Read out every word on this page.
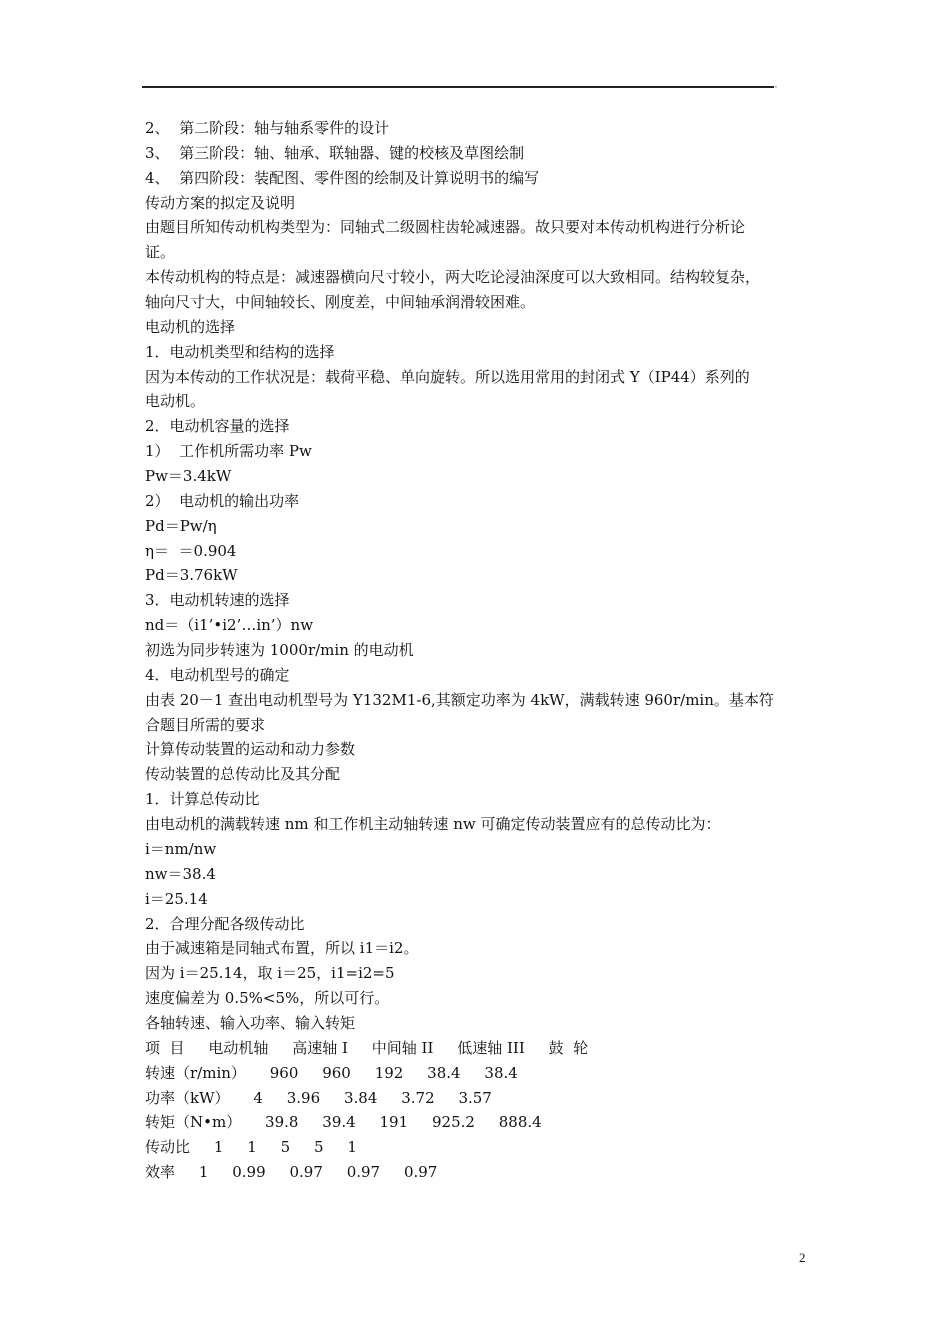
,
2、  第二阶段：轴与轴系零件的设计
3、  第三阶段：轴、轴承、联轴器、键的校核及草图绘制
4、  第四阶段：装配图、零件图的绘制及计算说明书的编写
传动方案的拟定及说明
由题目所知传动机构类型为：同轴式二级圆柱齿轮减速器。故只要对本传动机构进行分析论
证。
本传动机构的特点是：减速器横向尺寸较小，两大吃论浸油深度可以大致相同。结构较复杂，
轴向尺寸大，中间轴较长、刚度差，中间轴承润滑较困难。
电动机的选择
1．电动机类型和结构的选择
因为本传动的工作状况是：载荷平稳、单向旋转。所以选用常用的封闭式 Y（IP44）系列的
电动机。
2．电动机容量的选择
1）  工作机所需功率 Pw
Pw＝3.4kW
2）  电动机的输出功率
Pd＝Pw/η
η＝  ＝0.904
Pd＝3.76kW
3．电动机转速的选择
nd＝（i1’•i2’…in’）nw
初选为同步转速为 1000r/min 的电动机
4．电动机型号的确定
由表 20－1 查出电动机型号为 Y132M1-6,其额定功率为 4kW，满载转速 960r/min。基本符
合题目所需的要求
计算传动装置的运动和动力参数
传动装置的总传动比及其分配
1．计算总传动比
由电动机的满载转速 nm 和工作机主动轴转速 nw 可确定传动装置应有的总传动比为：
i＝nm/nw
nw＝38.4
i＝25.14
2．合理分配各级传动比
由于减速箱是同轴式布置，所以 i1＝i2。
因为 i＝25.14，取 i＝25，i1=i2=5
速度偏差为 0.5%<5%，所以可行。
各轴转速、输入功率、输入转矩
项  目     电动机轴     高速轴 I     中间轴 II     低速轴 III     鼓  轮
转速（r/min）     960     960     192     38.4     38.4
功率（kW）     4     3.96     3.84     3.72     3.57
转矩（N•m）     39.8     39.4     191     925.2     888.4
传动比     1     1     5     5     1
效率     1     0.99     0.97     0.97     0.97
2
